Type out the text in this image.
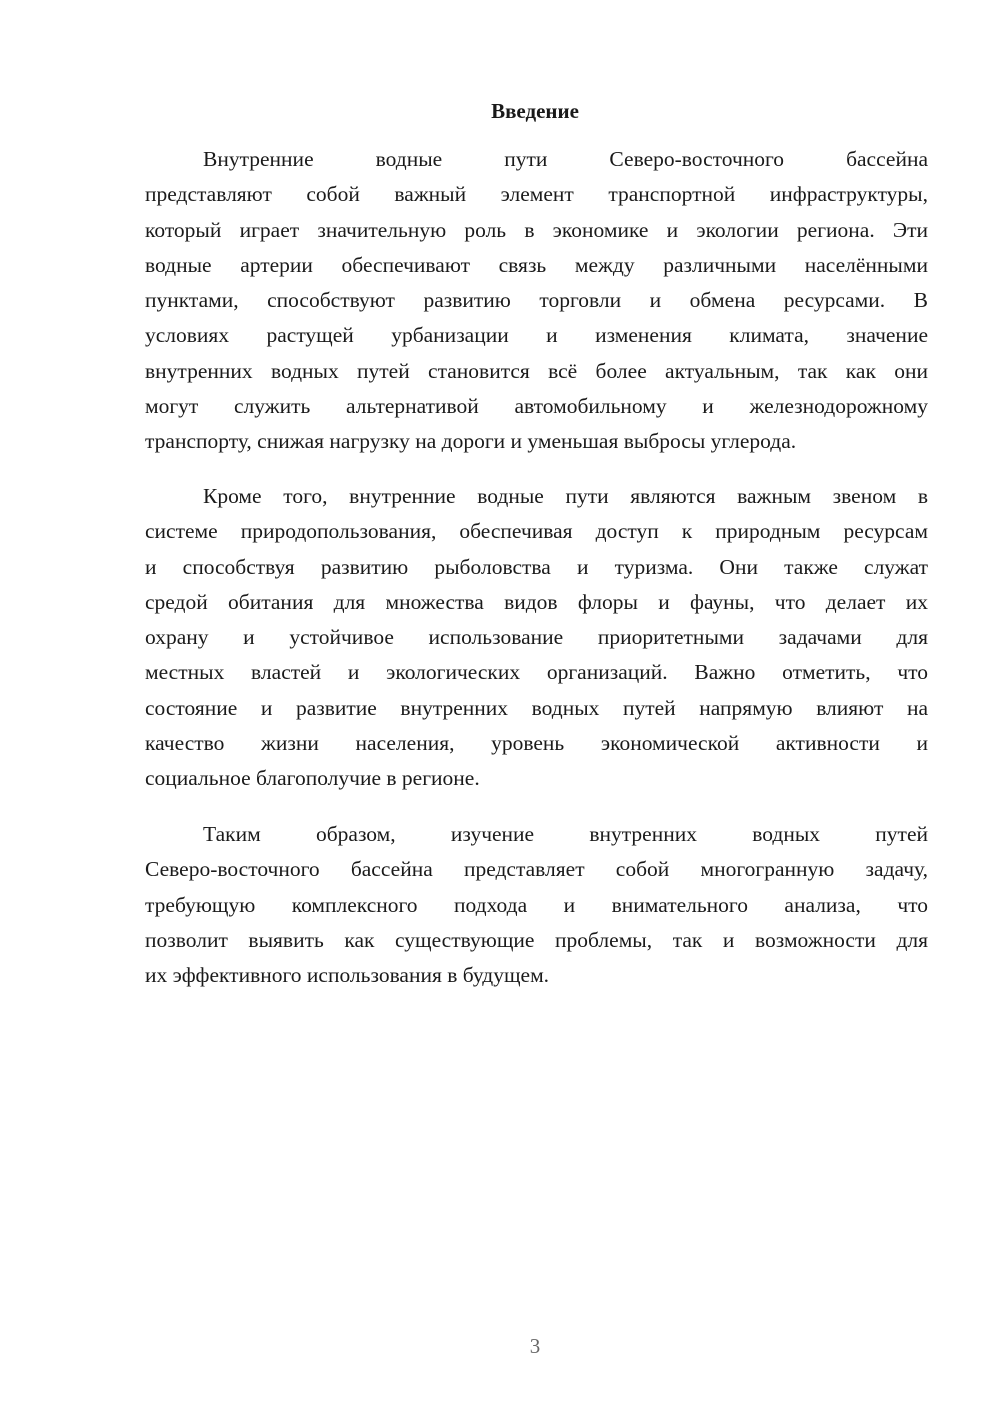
Введение
Внутренние водные пути Северо-восточного бассейна
представляют собой важный элемент транспортной инфраструктуры,
который играет значительную роль в экономике и экологии региона. Эти
водные артерии обеспечивают связь между различными населёнными
пунктами, способствуют развитию торговли и обмена ресурсами. В
условиях растущей урбанизации и изменения климата, значение
внутренних водных путей становится всё более актуальным, так как они
могут служить альтернативой автомобильному и железнодорожному
транспорту, снижая нагрузку на дороги и уменьшая выбросы углерода.
Кроме того, внутренние водные пути являются важным звеном в
системе природопользования, обеспечивая доступ к природным ресурсам
и способствуя развитию рыболовства и туризма. Они также служат
средой обитания для множества видов флоры и фауны, что делает их
охрану и устойчивое использование приоритетными задачами для
местных властей и экологических организаций. Важно отметить, что
состояние и развитие внутренних водных путей напрямую влияют на
качество жизни населения, уровень экономической активности и
социальное благополучие в регионе.
Таким образом, изучение внутренних водных путей
Северо-восточного бассейна представляет собой многогранную задачу,
требующую комплексного подхода и внимательного анализа, что
позволит выявить как существующие проблемы, так и возможности для
их эффективного использования в будущем.
3
